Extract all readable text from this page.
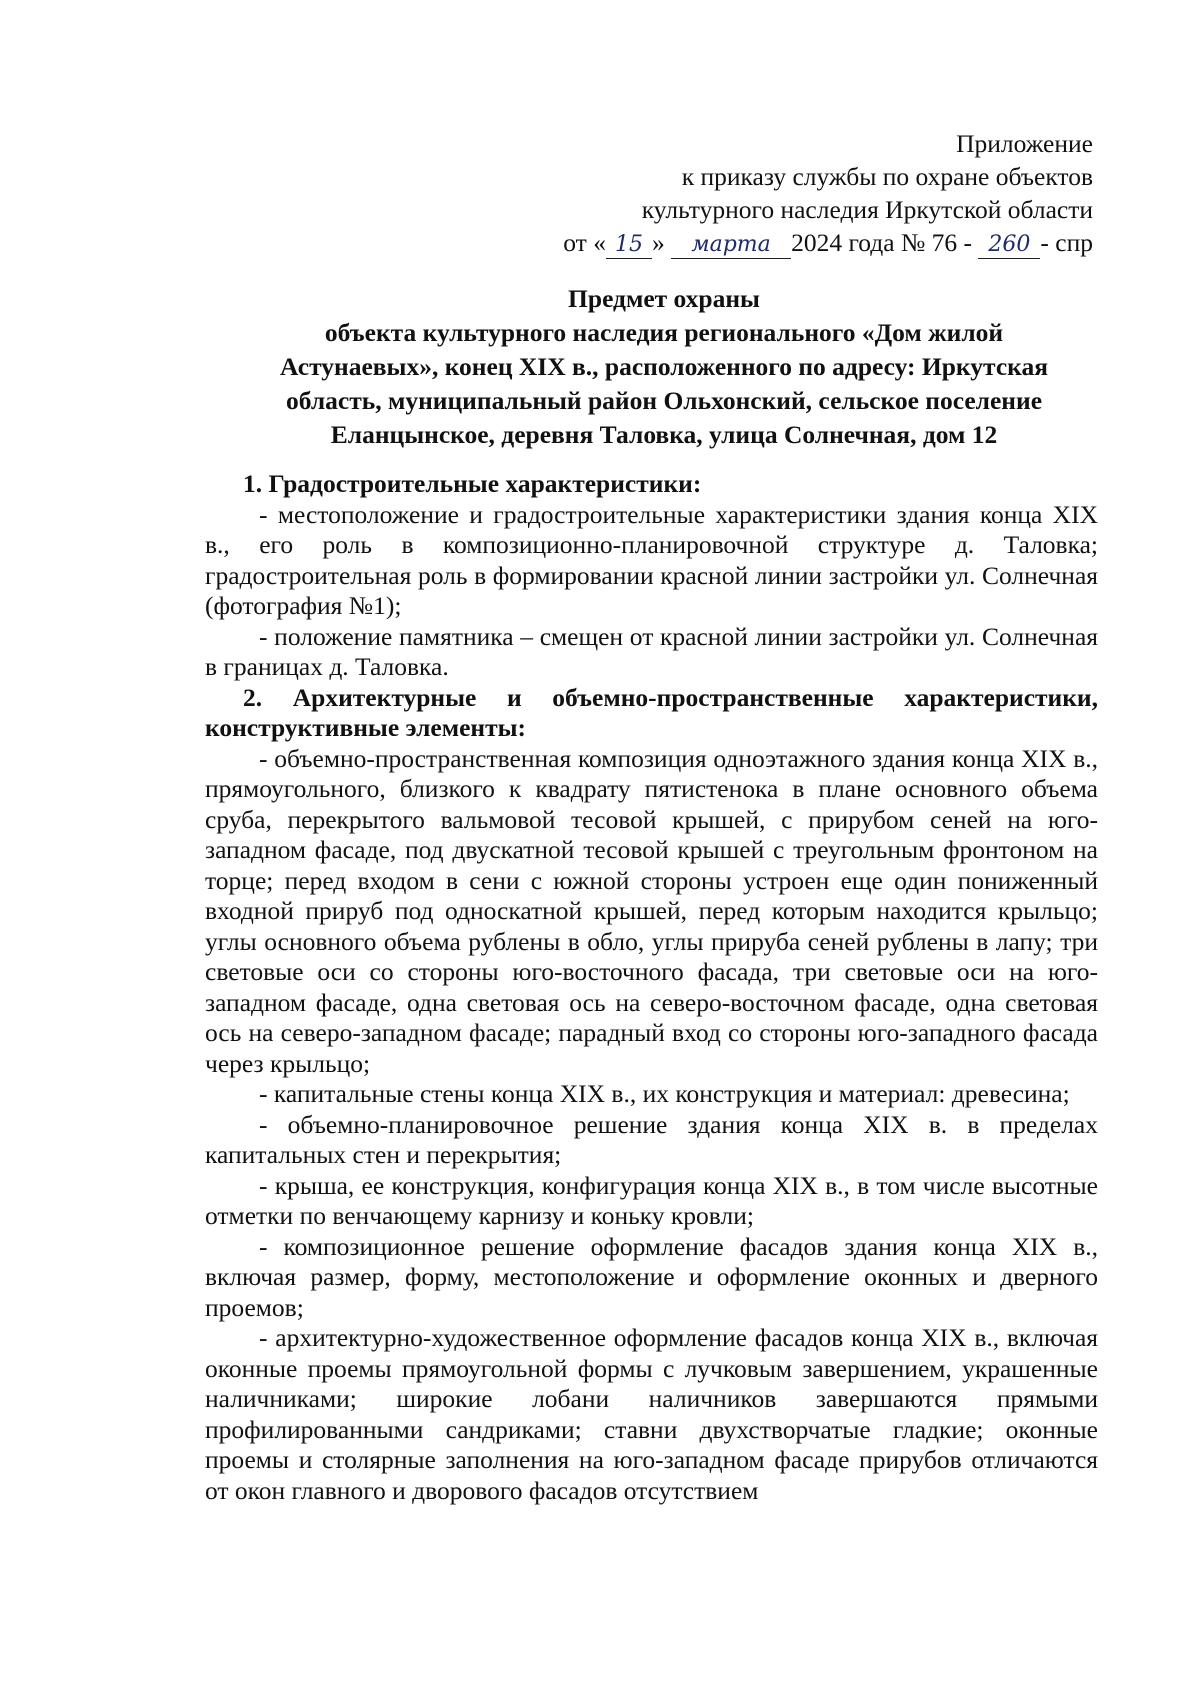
Приложение
к приказу службы по охране объектов
культурного наследия Иркутской области
от « 15 » марта 2024 года № 76 - 260 - спр
Предмет охраны
объекта культурного наследия регионального «Дом жилой
Астунаевых», конец XIX в., расположенного по адресу: Иркутская
область, муниципальный район Ольхонский, сельское поселение
Еланцынское, деревня Таловка, улица Солнечная, дом 12

1. Градостроительные характеристики:

- местоположение и градостроительные характеристики здания конца XIX в., его роль в композиционно-планировочной структуре д. Таловка; градостроительная роль в формировании красной линии застройки ул. Солнечная (фотография №1);

- положение памятника – смещен от красной линии застройки ул. Солнечная в границах д. Таловка.

2. Архитектурные и объемно-пространственные характеристики, конструктивные элементы:

- объемно-пространственная композиция одноэтажного здания конца XIX в., прямоугольного, близкого к квадрату пятистенока в плане основного объема сруба, перекрытого вальмовой тесовой крышей, с прирубом сеней на юго-западном фасаде, под двускатной тесовой крышей с треугольным фронтоном на торце; перед входом в сени с южной стороны устроен еще один пониженный входной прируб под односкатной крышей, перед которым находится крыльцо; углы основного объема рублены в обло, углы прируба сеней рублены в лапу; три световые оси со стороны юго-восточного фасада, три световые оси на юго-западном фасаде, одна световая ось на северо-восточном фасаде, одна световая ось на северо-западном фасаде; парадный вход со стороны юго-западного фасада через крыльцо;

- капитальные стены конца XIX в., их конструкция и материал: древесина;

- объемно-планировочное решение здания конца XIX в. в пределах капитальных стен и перекрытия;

- крыша, ее конструкция, конфигурация конца XIX в., в том числе высотные отметки по венчающему карнизу и коньку кровли;

- композиционное решение оформление фасадов здания конца XIX в., включая размер, форму, местоположение и оформление оконных и дверного проемов;

- архитектурно-художественное оформление фасадов конца XIX в., включая оконные проемы прямоугольной формы с лучковым завершением, украшенные наличниками; широкие лобани наличников завершаются прямыми профилированными сандриками; ставни двухстворчатые гладкие; оконные проемы и столярные заполнения на юго-западном фасаде прирубов отличаются от окон главного и дворового фасадов отсутствием
